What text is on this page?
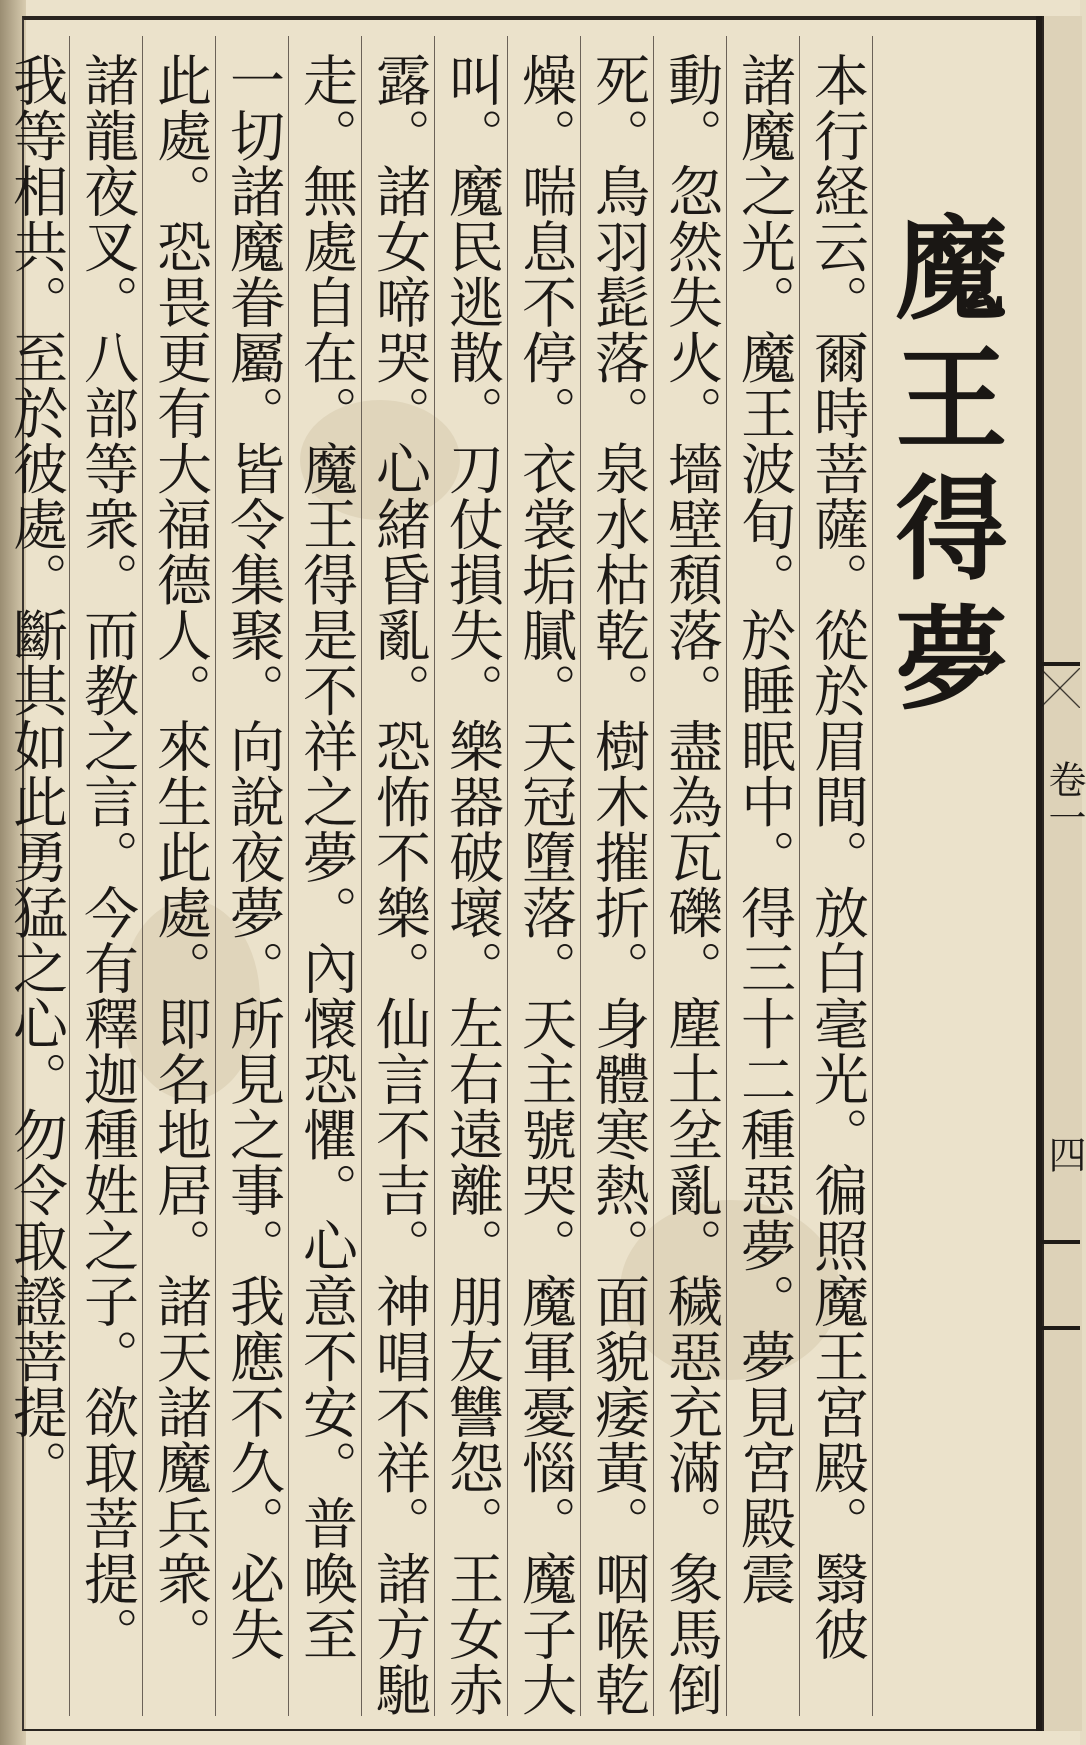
魔王得夢
本行経云。爾時菩薩。從於眉間。放白毫光。徧照魔王宮殿。翳彼
諸魔之光。魔王波旬。於睡眠中。得三十二種惡夢。夢見宮殿震
動。忽然失火。墻壁頹落。盡為瓦礫。塵土坌亂。穢惡充滿。象馬倒
死。鳥羽髭落。泉水枯乾。樹木摧折。身體寒熱。面貌痿黃。咽喉乾
燥。喘息不停。衣裳垢膩。天冠墮落。天主號哭。魔軍憂惱。魔子大
叫。魔民逃散。刀仗損失。樂器破壞。左右遠離。朋友讐怨。王女赤
露。諸女啼哭。心緒昏亂。恐怖不樂。仙言不吉。神唱不祥。諸方馳
走。無處自在。魔王得是不祥之夢。內懷恐懼。心意不安。普喚至
一切諸魔眷屬。皆令集聚。向說夜夢。所見之事。我應不久。必失
此處。恐畏更有大福德人。來生此處。即名地居。諸天諸魔兵衆。
諸龍夜叉。八部等衆。而教之言。今有釋迦種姓之子。欲取菩提。
我等相共。至於彼處。斷其如此勇猛之心。勿令取證菩提。	卷一
四
